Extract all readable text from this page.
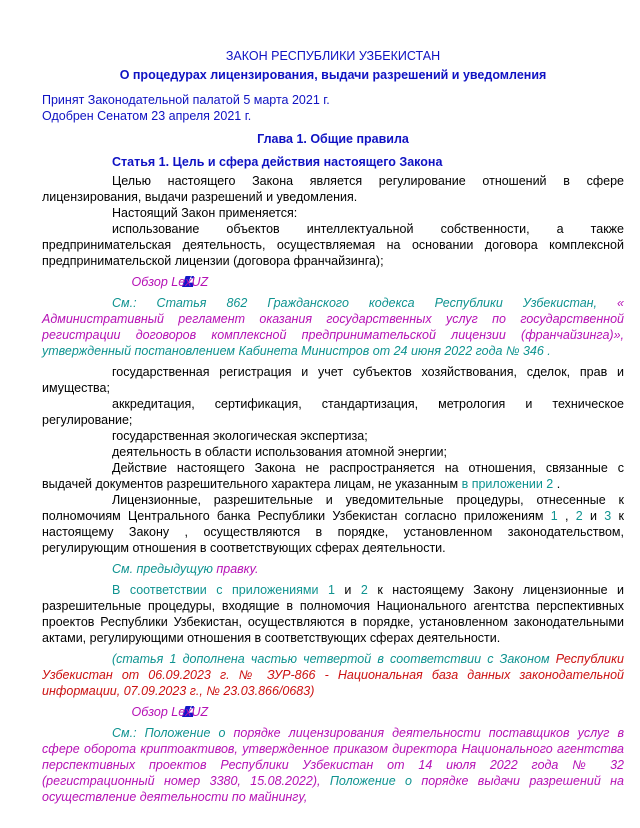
ЗАКОН РЕСПУБЛИКИ УЗБЕКИСТАН

О процедурах лицензирования, выдачи разрешений и уведомления

Принят Законодательной палатой 5 марта 2021 г.

Одобрен Сенатом 23 апреля 2021 г.

Глава 1. Общие правила

Статья 1. Цель и сфера действия настоящего Закона

Целью настоящего Закона является регулирование отношений в сфере лицензирования, выдачи разрешений и уведомления.

Настоящий Закон применяется:

использование объектов интеллектуальной собственности, а также предпринимательская деятельность, осуществляемая на основании договора комплексной предпринимательской лицензии (договора франчайзинга);

Обзор LexUZ

См.: Статья 862 Гражданского кодекса Республики Узбекистан, « Административный регламент оказания государственных услуг по государственной регистрации договоров комплексной предпринимательской лицензии (франчайзинга)», утвержденный постановлением Кабинета Министров от 24 июня 2022 года № 346 .

государственная регистрация и учет субъектов хозяйствования, сделок, прав и имущества;

аккредитация, сертификация, стандартизация, метрология и техническое регулирование;

государственная экологическая экспертиза;

деятельность в области использования атомной энергии;

Действие настоящего Закона не распространяется на отношения, связанные с выдачей документов разрешительного характера лицам, не указанным в приложении 2 .

Лицензионные, разрешительные и уведомительные процедуры, отнесенные к полномочиям Центрального банка Республики Узбекистан согласно приложениям 1 , 2 и 3 к настоящему Закону , осуществляются в порядке, установленном законодательством, регулирующим отношения в соответствующих сферах деятельности.

См. предыдущую правку.

В соответствии с приложениями 1 и 2 к настоящему Закону лицензионные и разрешительные процедуры, входящие в полномочия Национального агентства перспективных проектов Республики Узбекистан, осуществляются в порядке, установленном законодательными актами, регулирующими отношения в соответствующих сферах деятельности.

(статья 1 дополнена частью четвертой в соответствии с Законом Республики Узбекистан от 06.09.2023 г. № ЗУР-866 - Национальная база данных законодательной информации, 07.09.2023 г., № 23.03.866/0683)

Обзор LexUZ

См.: Положение о порядке лицензирования деятельности поставщиков услуг в сфере оборота криптоактивов, утвержденное приказом директора Национального агентства перспективных проектов Республики Узбекистан от 14 июля 2022 года № 32 (регистрационный номер 3380, 15.08.2022), Положение о порядке выдачи разрешений на осуществление деятельности по майнингу,
